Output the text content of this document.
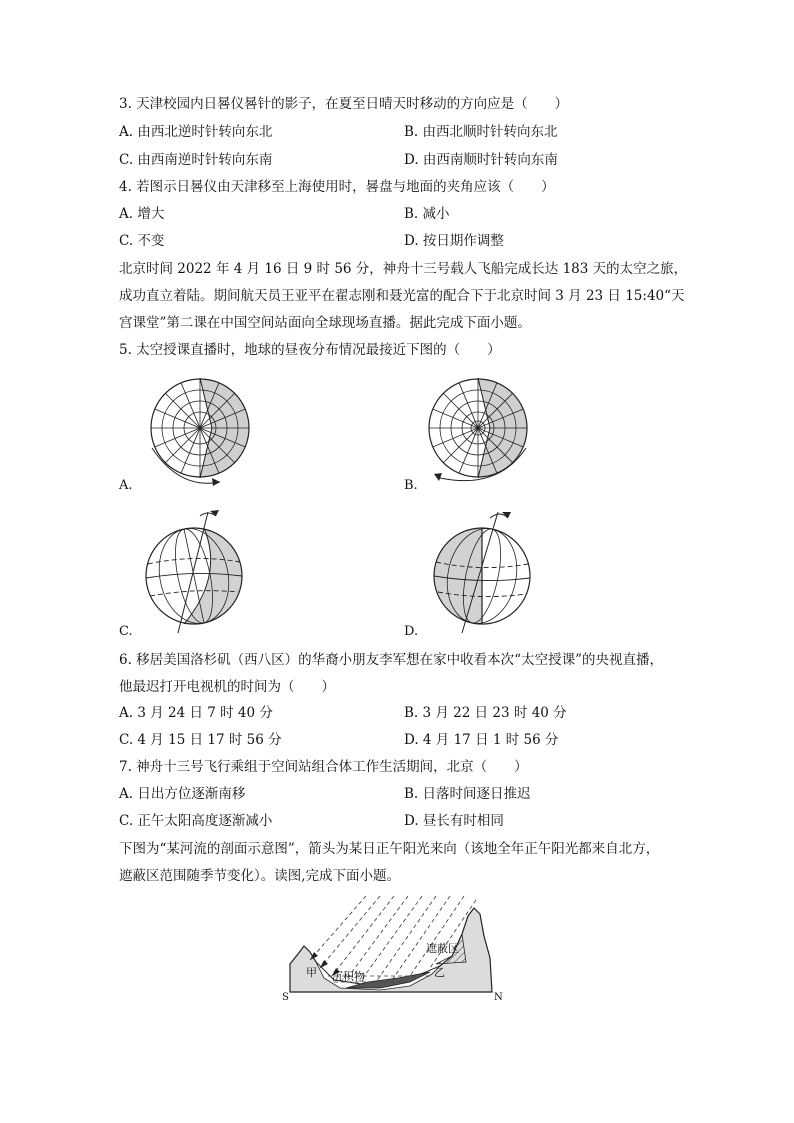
3. 天津校园内日晷仪晷针的影子，在夏至日晴天时移动的方向应是（　　）
A. 由西北逆时针转向东北	B. 由西北顺时针转向东北
C. 由西南逆时针转向东南	D. 由西南顺时针转向东南
4. 若图示日晷仪由天津移至上海使用时，晷盘与地面的夹角应该（　　）
A. 增大	B. 减小
C. 不变	D. 按日期作调整
北京时间 2022 年 4 月 16 日 9 时 56 分，神舟十三号载人飞船完成长达 183 天的太空之旅，
成功直立着陆。期间航天员王亚平在翟志刚和聂光富的配合下于北京时间 3 月 23 日 15:40“天
宫课堂”第二课在中国空间站面向全球现场直播。据此完成下面小题。
5. 太空授课直播时，地球的昼夜分布情况最接近下图的（　　）
A.	B.
C.	D.
6. 移居美国洛杉矶（西八区）的华裔小朋友李军想在家中收看本次“太空授课”的央视直播，
他最迟打开电视机的时间为（　　）
A. 3 月 24 日 7 时 40 分	B. 3 月 22 日 23 时 40 分
C. 4 月 15 日 17 时 56 分	D. 4 月 17 日 1 时 56 分
7. 神舟十三号飞行乘组于空间站组合体工作生活期间，北京（　　）
A. 日出方位逐渐南移	B. 日落时间逐日推迟
C. 正午太阳高度逐渐减小	D. 昼长有时相同
下图为“某河流的剖面示意图”，箭头为某日正午阳光来向（该地全年正午阳光都来自北方，
遮蔽区范围随季节变化）。读图,完成下面小题。
遮蔽区
甲	乙
沉积物
S	N
